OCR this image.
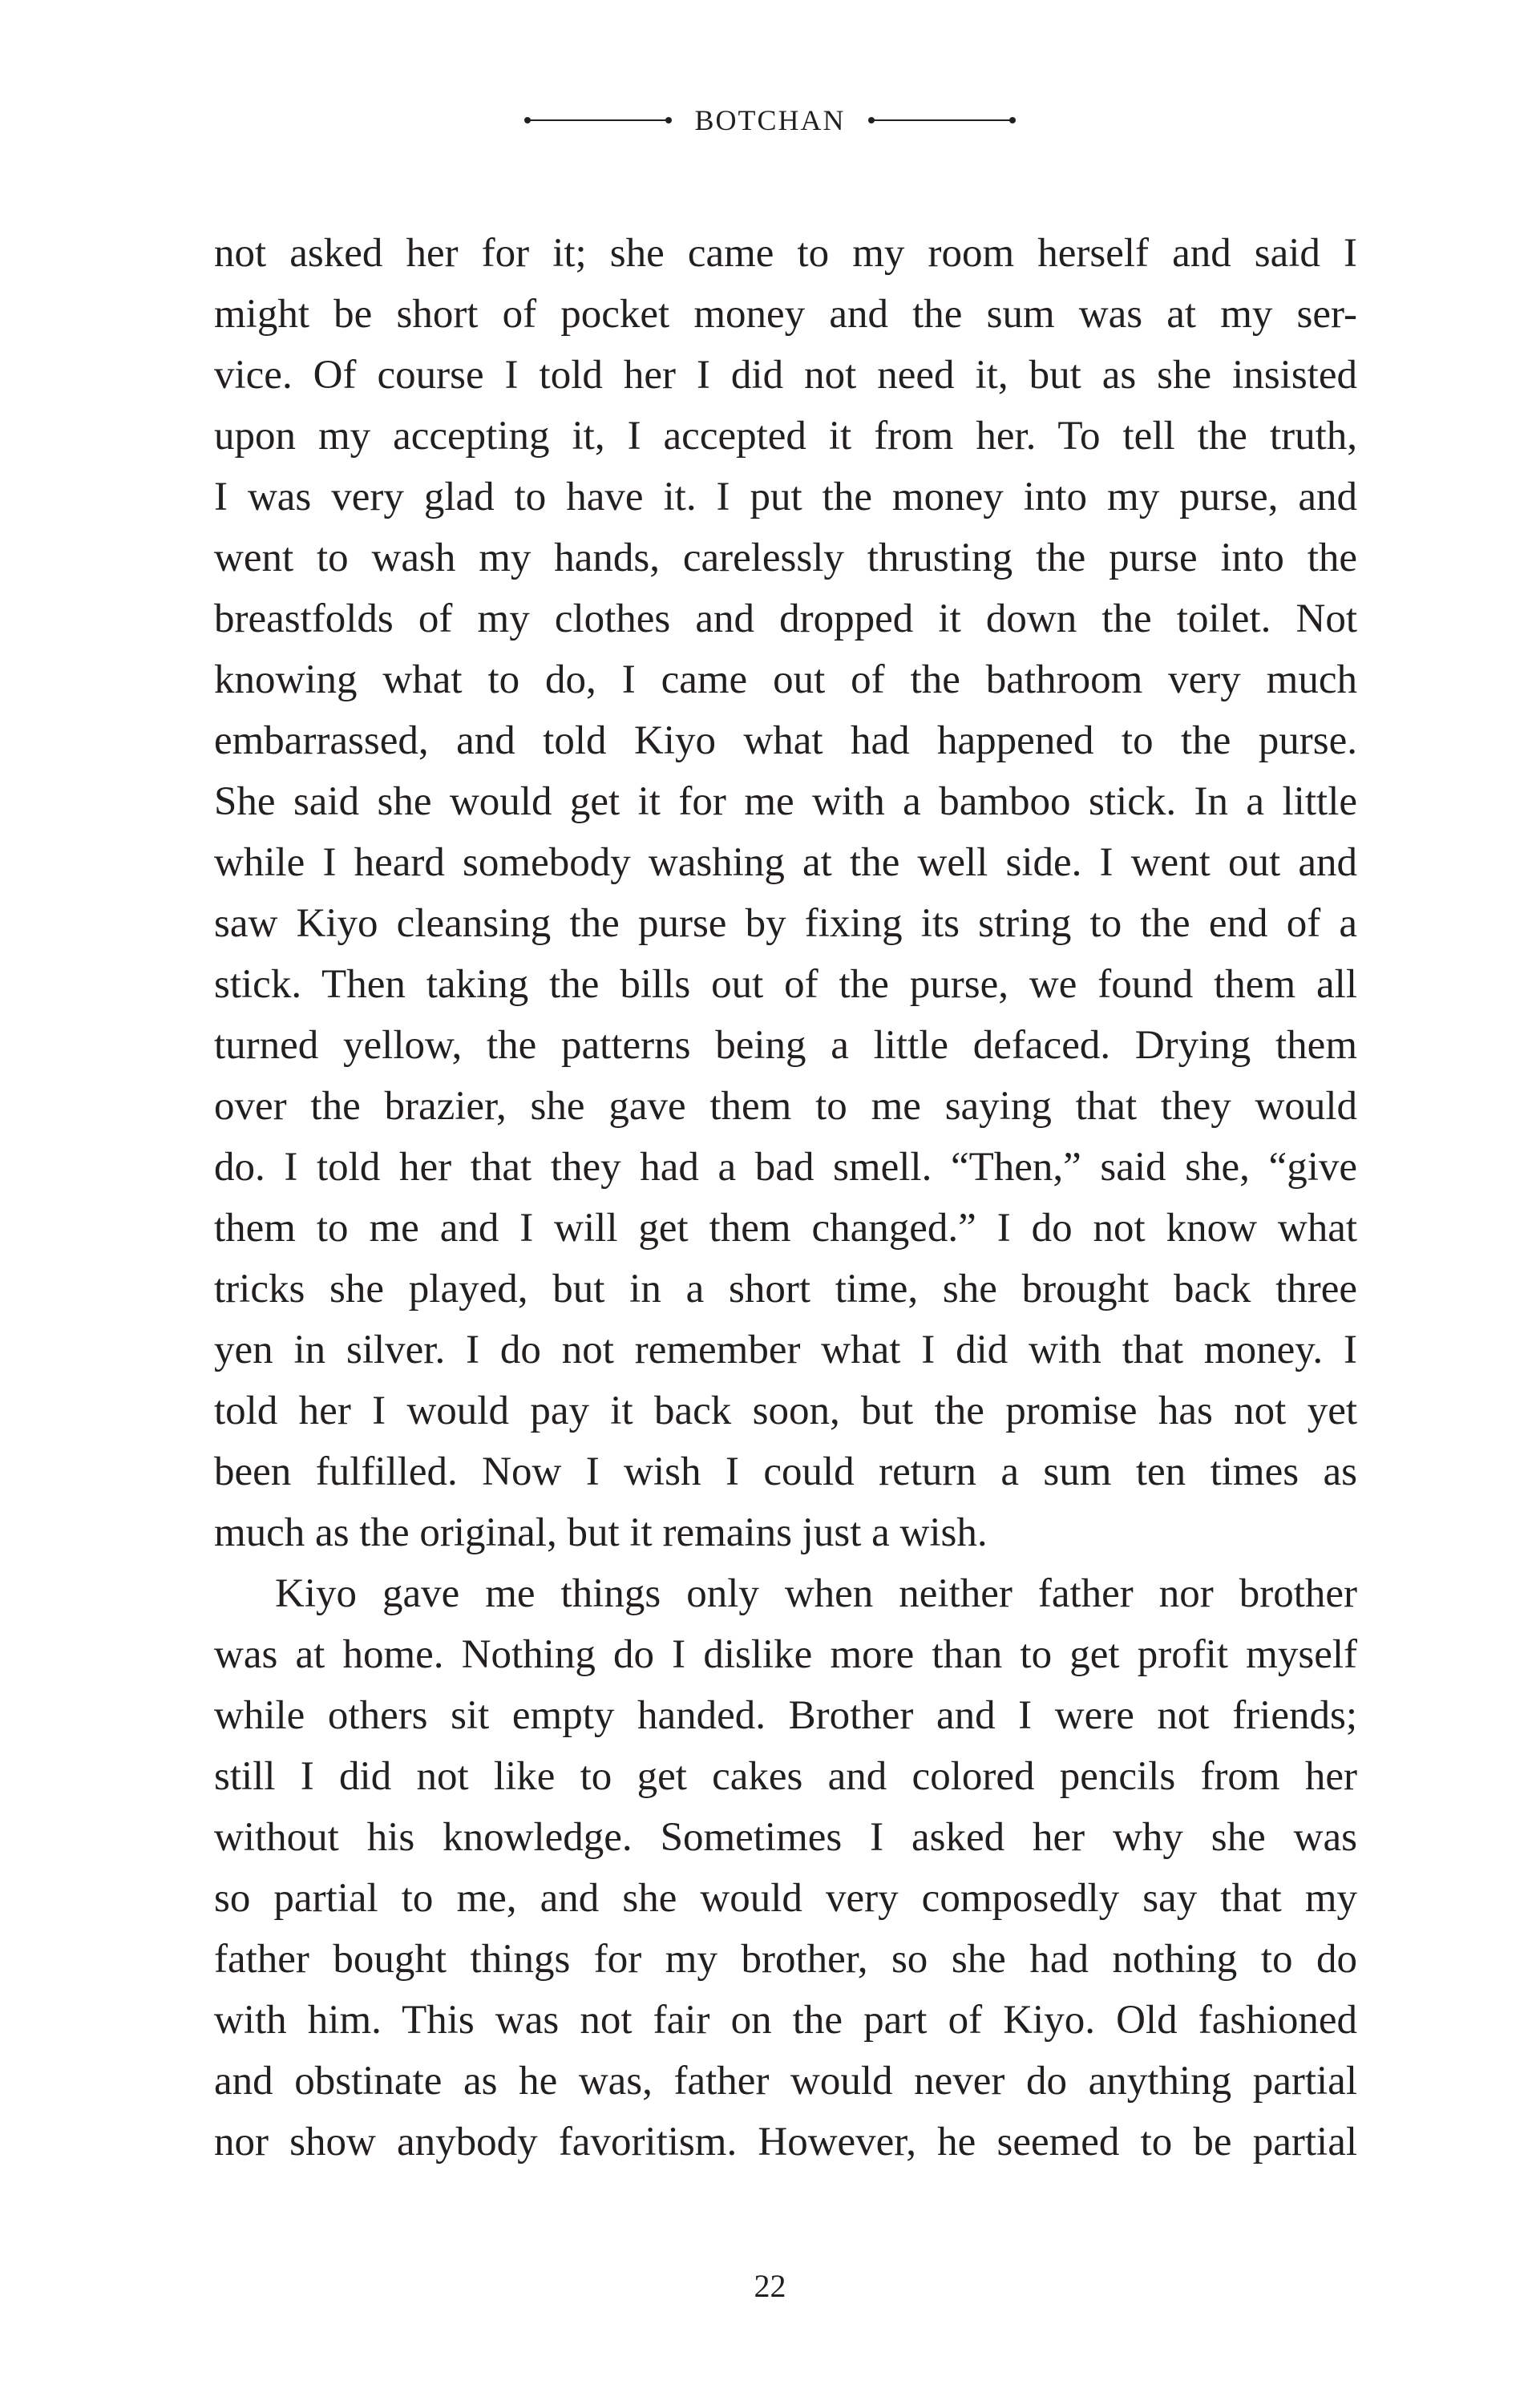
BOTCHAN
not asked her for it; she came to my room herself and said I
might be short of pocket money and the sum was at my ser-
vice. Of course I told her I did not need it, but as she insisted
upon my accepting it, I accepted it from her. To tell the truth,
I was very glad to have it. I put the money into my purse, and
went to wash my hands, carelessly thrusting the purse into the
breastfolds of my clothes and dropped it down the toilet. Not
knowing what to do, I came out of the bathroom very much
embarrassed, and told Kiyo what had happened to the purse.
She said she would get it for me with a bamboo stick. In a little
while I heard somebody washing at the well side. I went out and
saw Kiyo cleansing the purse by fixing its string to the end of a
stick. Then taking the bills out of the purse, we found them all
turned yellow, the patterns being a little defaced. Drying them
over the brazier, she gave them to me saying that they would
do. I told her that they had a bad smell. “Then,” said she, “give
them to me and I will get them changed.” I do not know what
tricks she played, but in a short time, she brought back three
yen in silver. I do not remember what I did with that money. I
told her I would pay it back soon, but the promise has not yet
been fulfilled. Now I wish I could return a sum ten times as
much as the original, but it remains just a wish.
Kiyo gave me things only when neither father nor brother
was at home. Nothing do I dislike more than to get profit myself
while others sit empty handed. Brother and I were not friends;
still I did not like to get cakes and colored pencils from her
without his knowledge. Sometimes I asked her why she was
so partial to me, and she would very composedly say that my
father bought things for my brother, so she had nothing to do
with him. This was not fair on the part of Kiyo. Old fashioned
and obstinate as he was, father would never do anything partial
nor show anybody favoritism. However, he seemed to be partial
22
